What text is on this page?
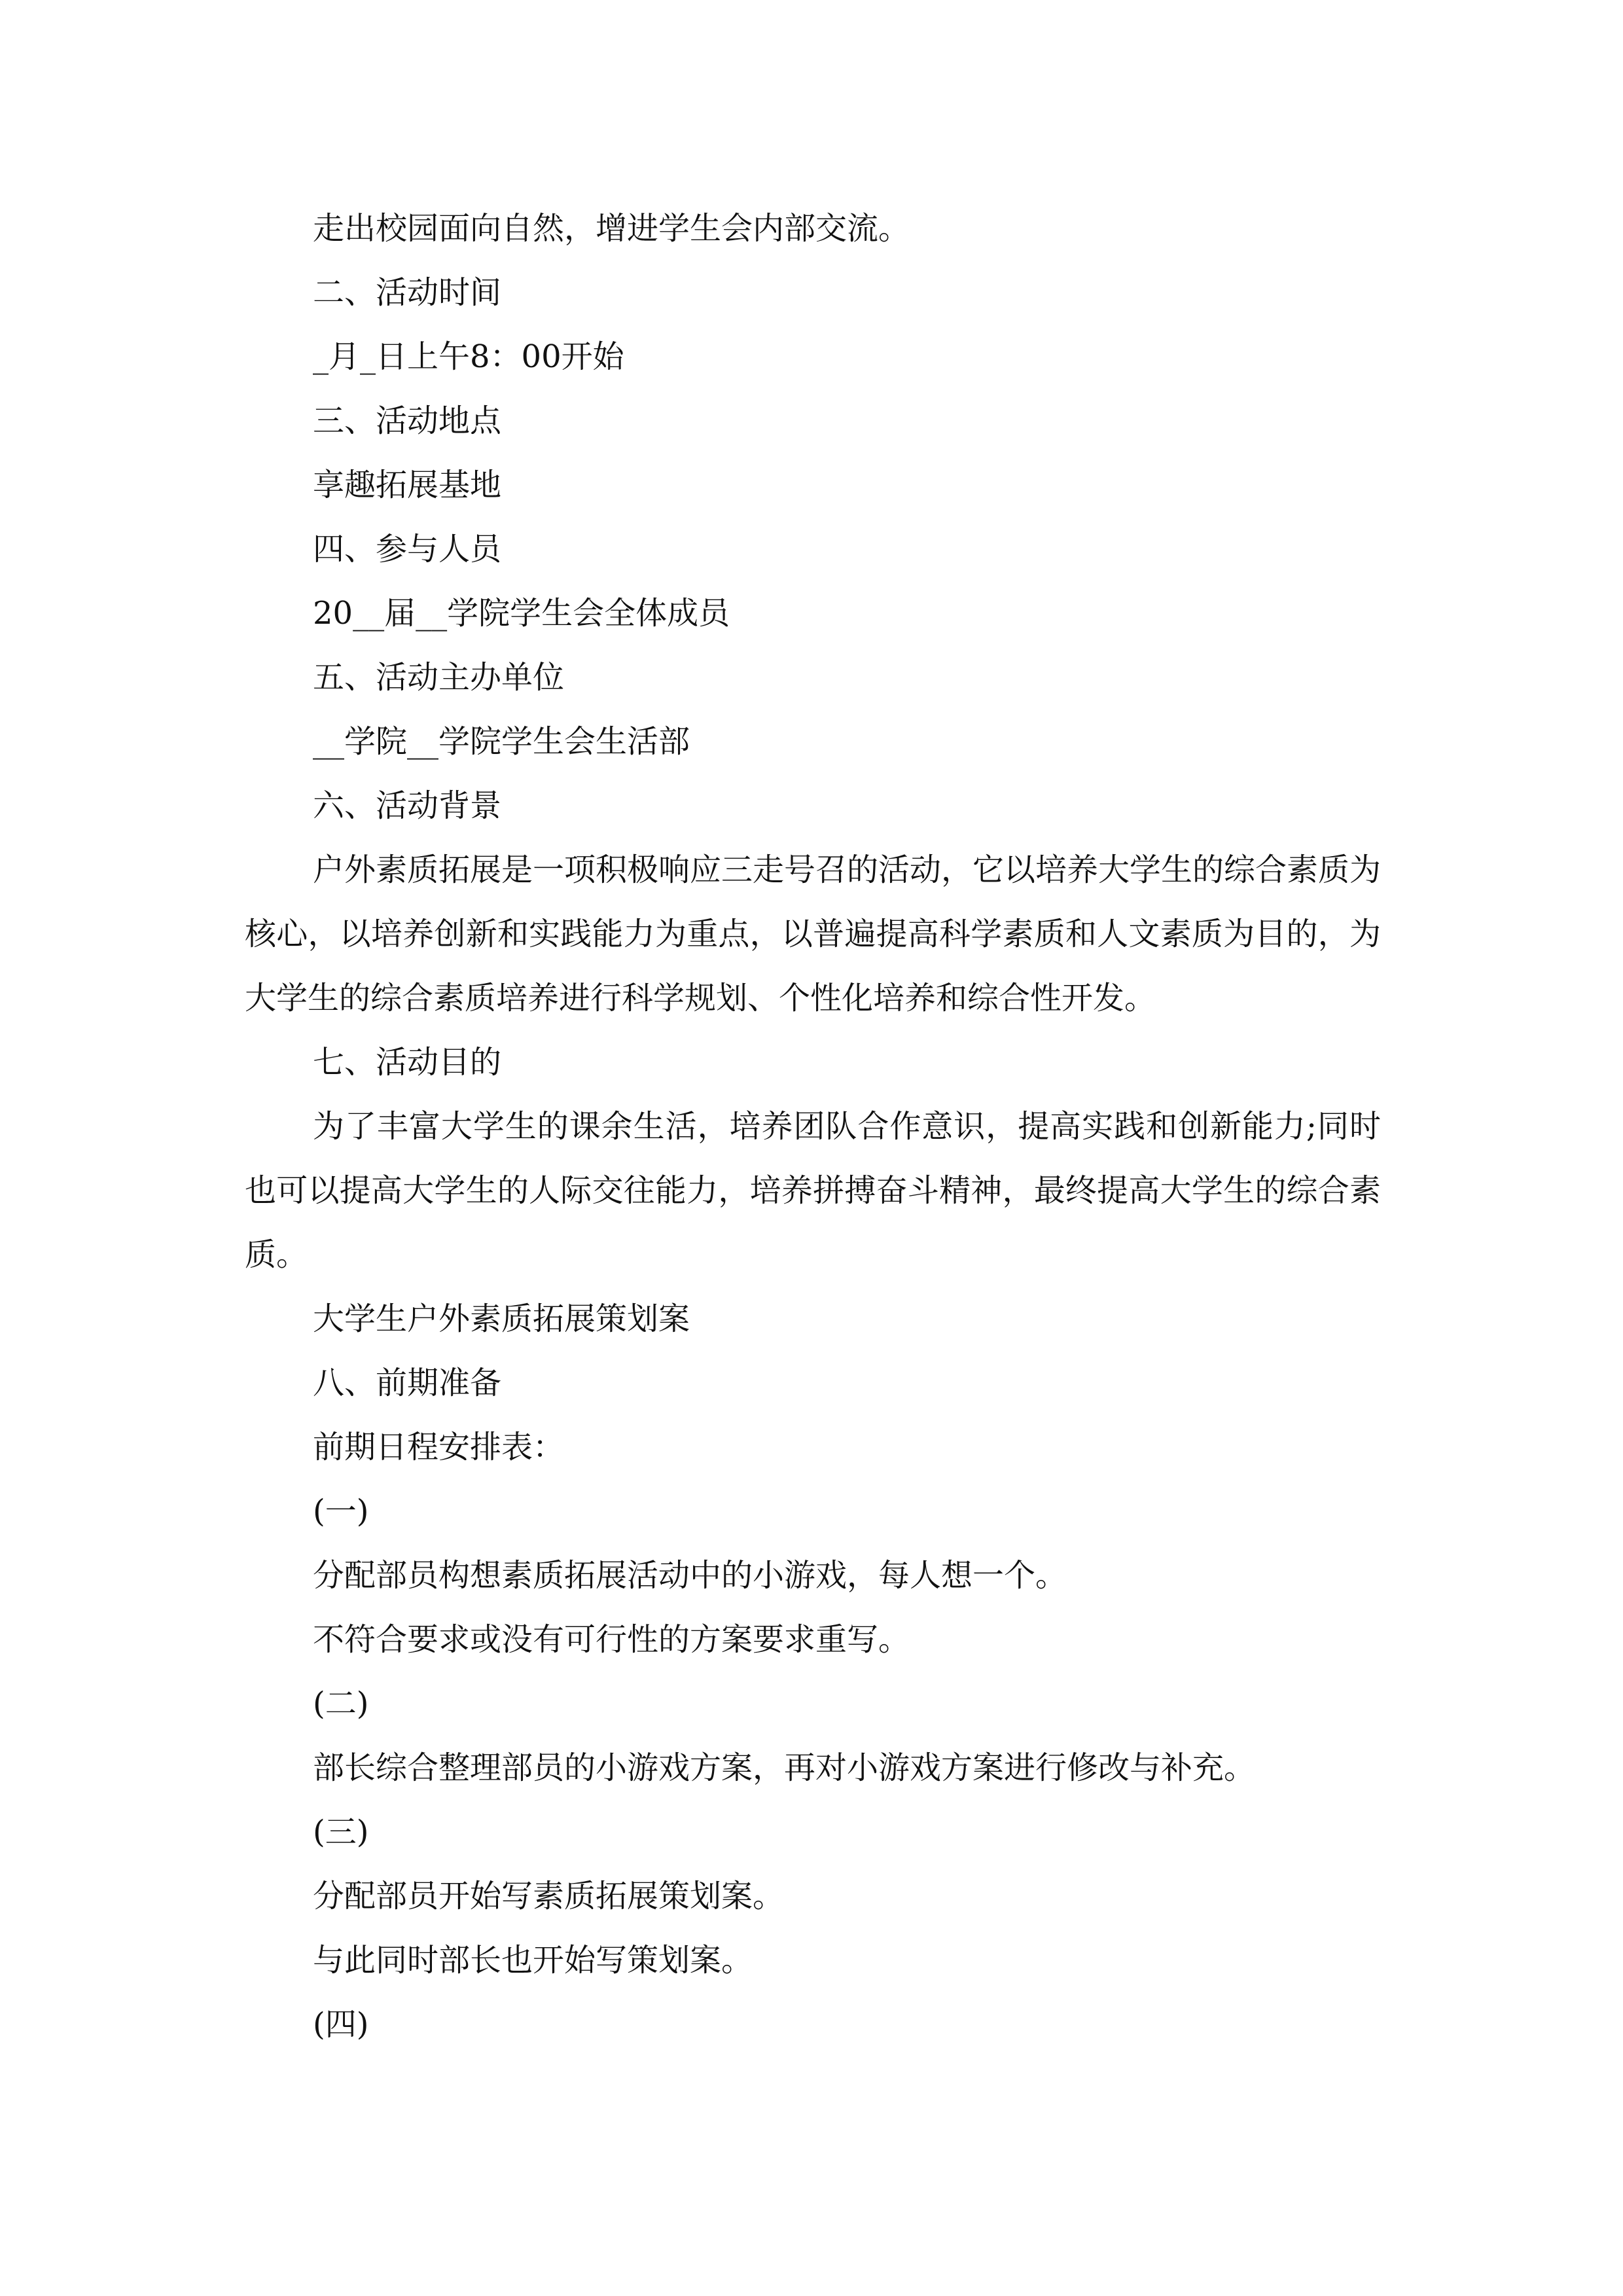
走出校园面向自然，增进学生会内部交流。

二、活动时间

_月_日上午8：00开始

三、活动地点

享趣拓展基地

四、参与人员

20__届__学院学生会全体成员

五、活动主办单位

__学院__学院学生会生活部

六、活动背景

户外素质拓展是一项积极响应三走号召的活动，它以培养大学生的综合素质为核心，以培养创新和实践能力为重点，以普遍提高科学素质和人文素质为目的，为大学生的综合素质培养进行科学规划、个性化培养和综合性开发。

七、活动目的

为了丰富大学生的课余生活，培养团队合作意识，提高实践和创新能力;同时也可以提高大学生的人际交往能力，培养拼搏奋斗精神，最终提高大学生的综合素质。

大学生户外素质拓展策划案

八、前期准备

前期日程安排表：

(一)

分配部员构想素质拓展活动中的小游戏，每人想一个。

不符合要求或没有可行性的方案要求重写。

(二)

部长综合整理部员的小游戏方案，再对小游戏方案进行修改与补充。

(三)

分配部员开始写素质拓展策划案。

与此同时部长也开始写策划案。

(四)
